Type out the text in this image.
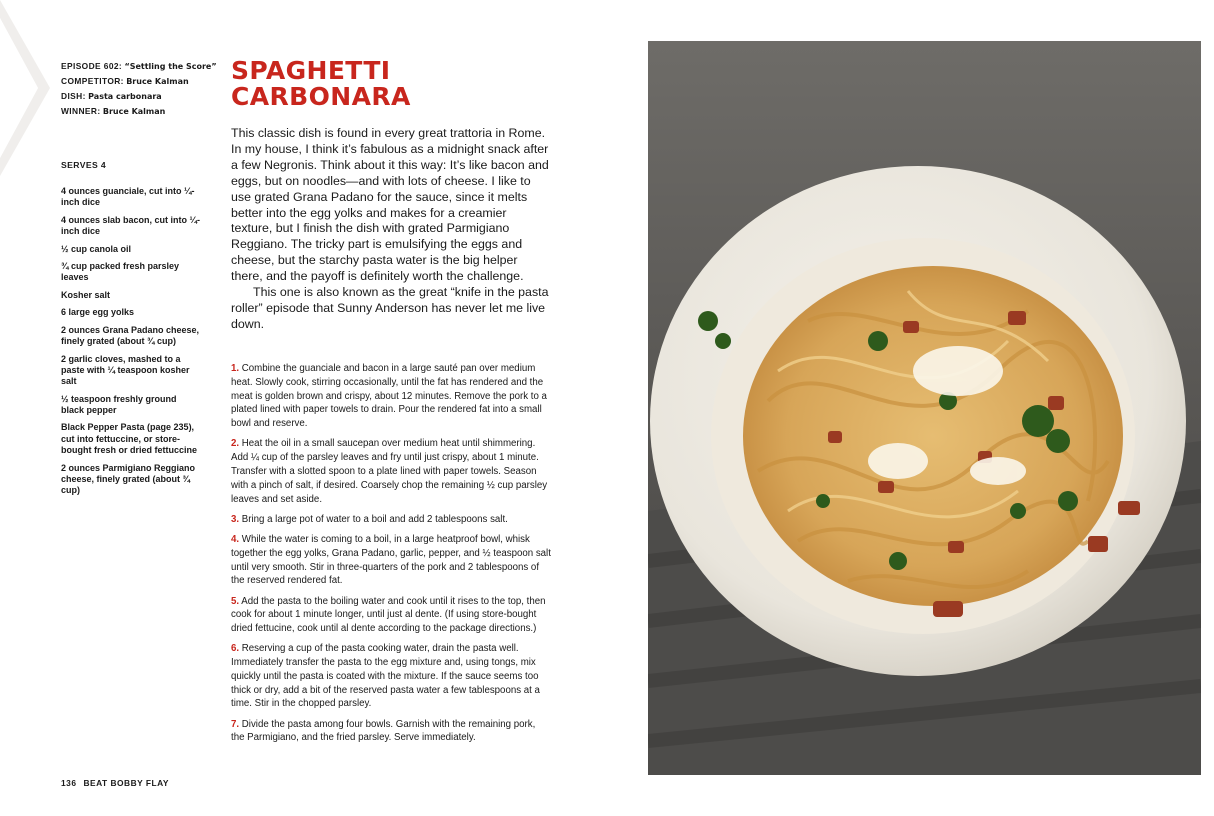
EPISODE 602: “Settling the Score”
COMPETITOR: Bruce Kalman
DISH: Pasta carbonara
WINNER: Bruce Kalman
SERVES 4
4 ounces guanciale, cut into ¼-inch dice
4 ounces slab bacon, cut into ¼-inch dice
½ cup canola oil
¾ cup packed fresh parsley leaves
Kosher salt
6 large egg yolks
2 ounces Grana Padano cheese, finely grated (about ¾ cup)
2 garlic cloves, mashed to a paste with ¼ teaspoon kosher salt
½ teaspoon freshly ground black pepper
Black Pepper Pasta (page 235), cut into fettuccine, or store-bought fresh or dried fettuccine
2 ounces Parmigiano Reggiano cheese, finely grated (about ¾ cup)
SPAGHETTI
CARBONARA

This classic dish is found in every great trattoria in Rome. In my house, I think it’s fabulous as a midnight snack after a few Negronis. Think about it this way: It’s like bacon and eggs, but on noodles—and with lots of cheese. I like to use grated Grana Padano for the sauce, since it melts better into the egg yolks and makes for a creamier texture, but I finish the dish with grated Parmigiano Reggiano. The tricky part is emulsifying the eggs and cheese, but the starchy pasta water is the big helper there, and the payoff is definitely worth the challenge.

This one is also known as the great “knife in the pasta roller” episode that Sunny Anderson has never let me live down.

1. Combine the guanciale and bacon in a large sauté pan over medium heat. Slowly cook, stirring occasionally, until the fat has rendered and the meat is golden brown and crispy, about 12 minutes. Remove the pork to a plated lined with paper towels to drain. Pour the rendered fat into a small bowl and reserve.
2. Heat the oil in a small saucepan over medium heat until shimmering. Add ¼ cup of the parsley leaves and fry until just crispy, about 1 minute. Transfer with a slotted spoon to a plate lined with paper towels. Season with a pinch of salt, if desired. Coarsely chop the remaining ½ cup parsley leaves and set aside.
3. Bring a large pot of water to a boil and add 2 tablespoons salt.
4. While the water is coming to a boil, in a large heatproof bowl, whisk together the egg yolks, Grana Padano, garlic, pepper, and ½ teaspoon salt until very smooth. Stir in three-quarters of the pork and 2 tablespoons of the reserved rendered fat.
5. Add the pasta to the boiling water and cook until it rises to the top, then cook for about 1 minute longer, until just al dente. (If using store-bought dried fettucine, cook until al dente according to the package directions.)
6. Reserving a cup of the pasta cooking water, drain the pasta well. Immediately transfer the pasta to the egg mixture and, using tongs, mix quickly until the pasta is coated with the mixture. If the sauce seems too thick or dry, add a bit of the reserved pasta water a few tablespoons at a time. Stir in the chopped parsley.
7. Divide the pasta among four bowls. Garnish with the remaining pork, the Parmigiano, and the fried parsley. Serve immediately.
136 BEAT BOBBY FLAY
